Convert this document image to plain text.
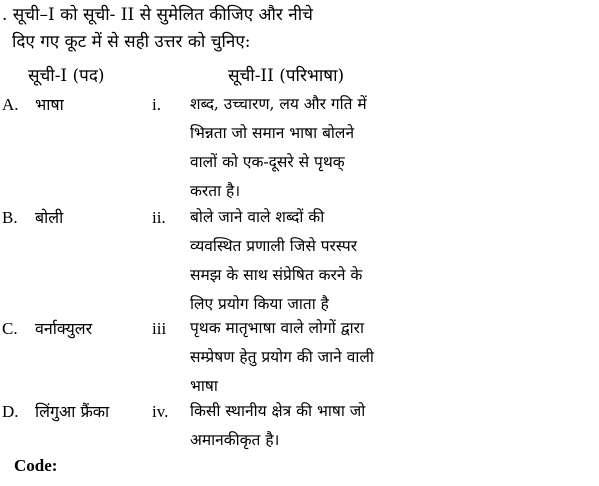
. सूची–I को सूची- II से सुमेलित कीजिए और नीचे
दिए गए कूट में से सही उत्तर को चुनिए:
सूची-I (पद)	सूची-II (परिभाषा)
A. भाषा	i. शब्द, उच्चारण, लय और गति में
भिन्नता जो समान भाषा बोलने
वालों को एक-दूसरे से पृथक्
करता है।
B. बोली	ii. बोले जाने वाले शब्दों की
व्यवस्थित प्रणाली जिसे परस्पर
समझ के साथ संप्रेषित करने के
लिए प्रयोग किया जाता है
C. वर्नाक्युलर	iii पृथक मातृभाषा वाले लोगों द्वारा
सम्प्रेषण हेतु प्रयोग की जाने वाली
भाषा
D. लिंगुआ फ्रैंका	iv. किसी स्थानीय क्षेत्र की भाषा जो
अमानकीकृत है।
Code:
